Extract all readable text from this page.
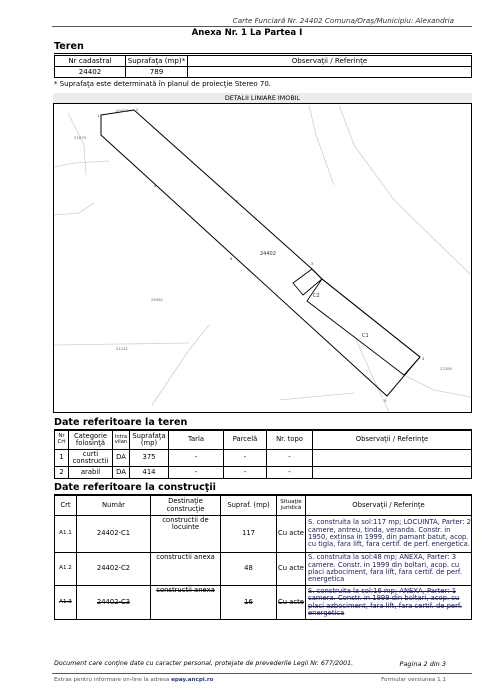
Carte Funciară Nr. 24402 Comuna/Oraş/Municipiu: Alexandria
Anexa Nr. 1 La Partea I
Teren
Nr cadastral	Suprafaţa (mp)*	Observaţii / Referinţe
24402	789	
* Suprafaţa este determinată în planul de proiecţie Stereo 70.
DETALII LINIARE IMOBIL
24402
C1
C2
20092
21679
25561
21241
22280
1
2
3
4
5
6
7
8
Date referitoare la teren
Nr Crt	Categorie folosinţă	Intra vilan	Suprafaţa (mp)	Tarla	Parcelă	Nr. topo	Observaţii / Referinţe
1	curti constructii	DA	375	-	-	-	
2	arabil	DA	414	-	-	-	
Date referitoare la construcţii
Crt	Număr	Destinaţie construcţie	Supraf. (mp)	Situaţie juridică	Observaţii / Referinţe
A1.1	24402-C1	constructii de locuinte	117	Cu acte	S. construita la sol:117 mp; LOCUINTA, Parter: 2 camere, antreu, tinda, veranda. Constr. in 1950, extinsa in 1999, din pamant batut, acop. cu tigla, fara lift, fara certif. de perf. energetica.
A1.2	24402-C2	constructii anexa	48	Cu acte	S. construita la sol:48 mp; ANEXA, Parter: 3 camere. Constr. in 1999 din boltari, acop. cu placi azbociment, fara lift, fara certif. de perf. energetica
A1.3	24402-C3	constructii anexa	16	Cu acte	S. construita la sol:16 mp; ANEXA, Parter: 1 camera. Constr. in 1999 din boltari, acop. cu placi azbociment, fara lift, fara certif. de perf. energetica
Document care conţine date cu caracter personal, protejate de prevederile Legii Nr. 677/2001.	Pagina 2 din 3
Extras pentru informare on-line la adresa epay.ancpi.ro	Formular versiunea 1.1
